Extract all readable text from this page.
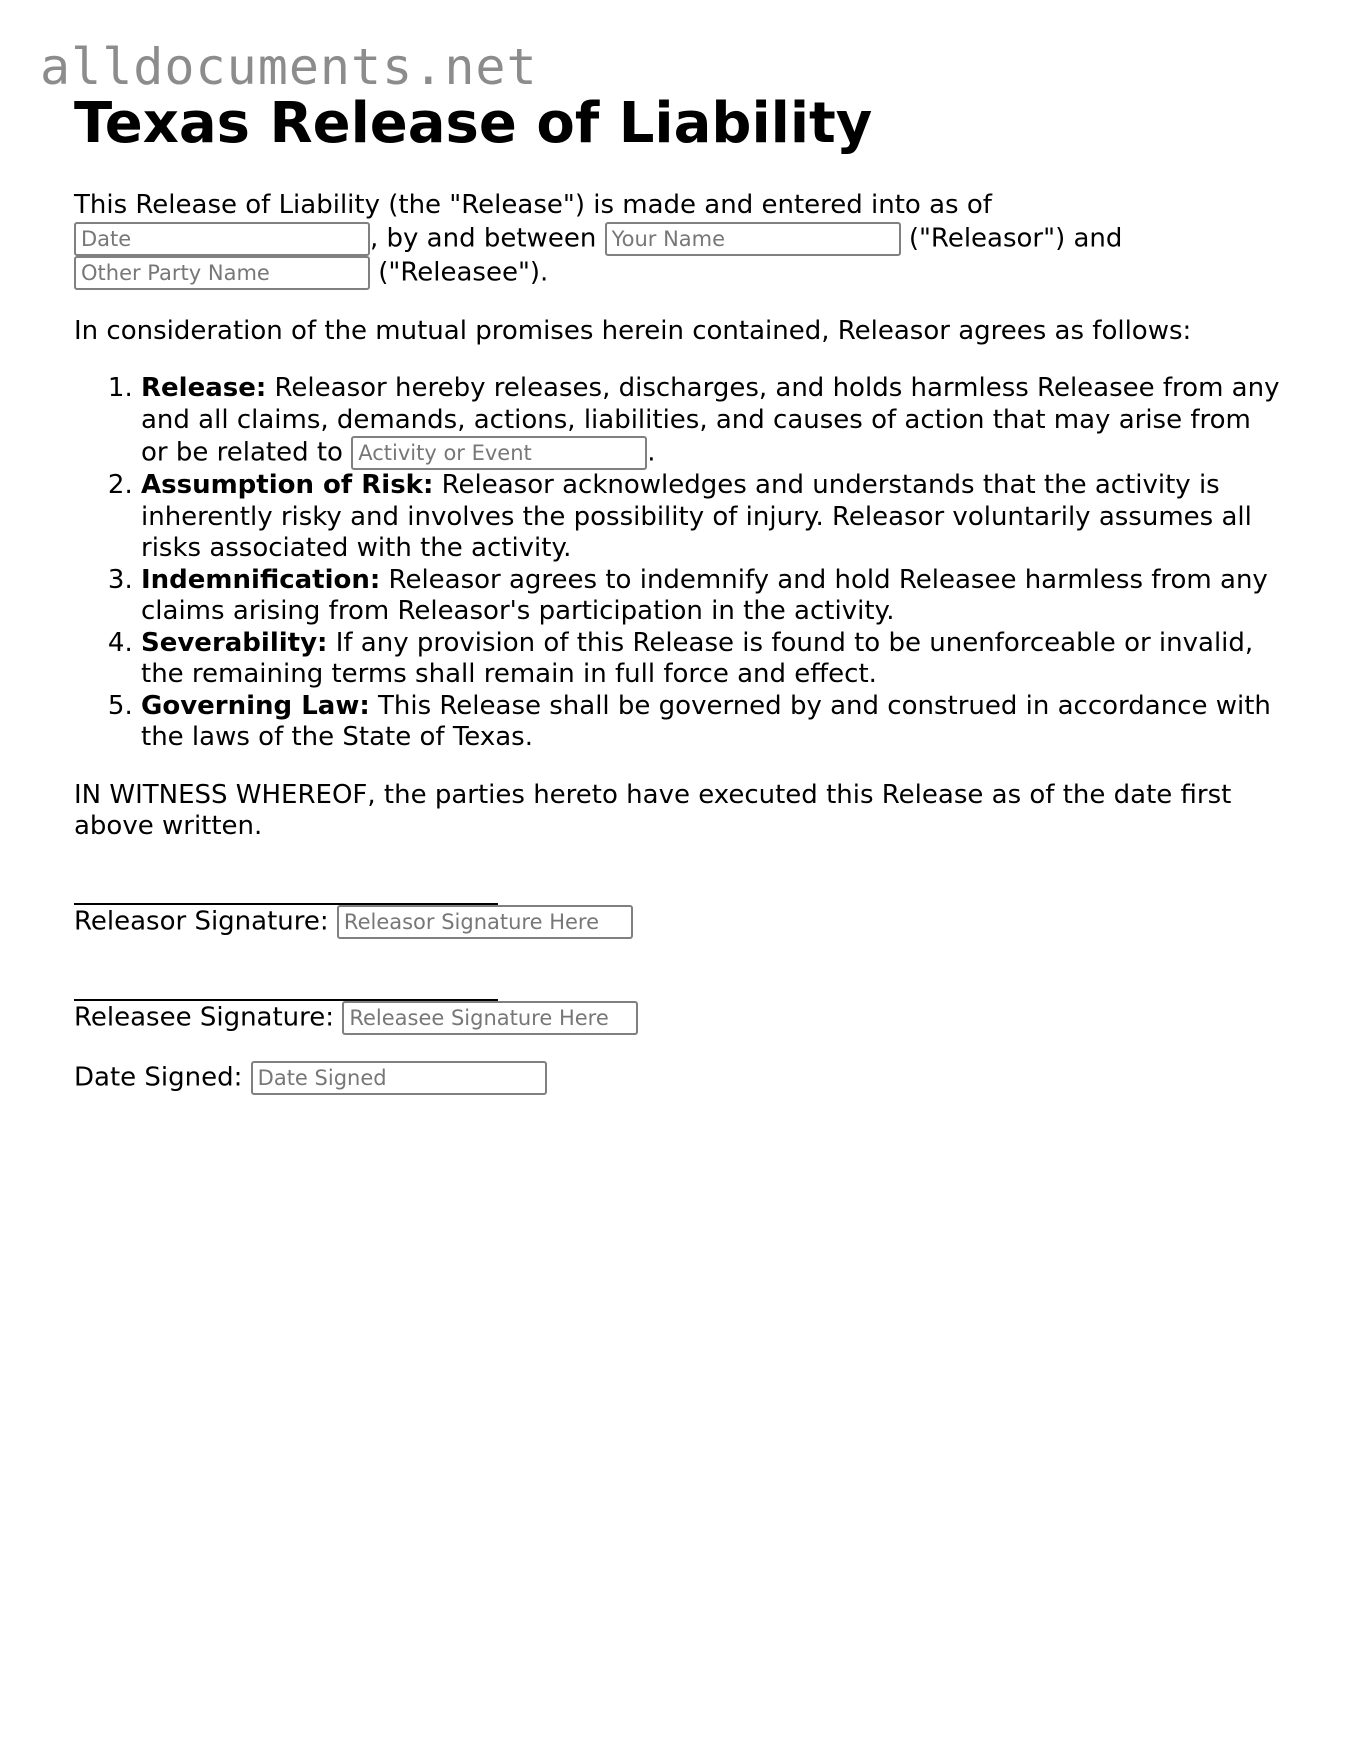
alldocuments.net
Texas Release of Liability

This Release of Liability (the "Release") is made and entered into as of
Date	, by and between Your Name	("Releasor") and
Other Party Name	("Releasee").

In consideration of the mutual promises herein contained, Releasor agrees as follows:

1. Release: Releasor hereby releases, discharges, and holds harmless Releasee from any and all claims, demands, actions, liabilities, and causes of action that may arise from or be related to Activity or Event	.
2. Assumption of Risk: Releasor acknowledges and understands that the activity is inherently risky and involves the possibility of injury. Releasor voluntarily assumes all risks associated with the activity.
3. Indemnification: Releasor agrees to indemnify and hold Releasee harmless from any claims arising from Releasor's participation in the activity.
4. Severability: If any provision of this Release is found to be unenforceable or invalid, the remaining terms shall remain in full force and effect.
5. Governing Law: This Release shall be governed by and construed in accordance with the laws of the State of Texas.

IN WITNESS WHEREOF, the parties hereto have executed this Release as of the date first above written.

Releasor Signature: Releasor Signature Here
Releasee Signature: Releasee Signature Here
Date Signed: Date Signed
